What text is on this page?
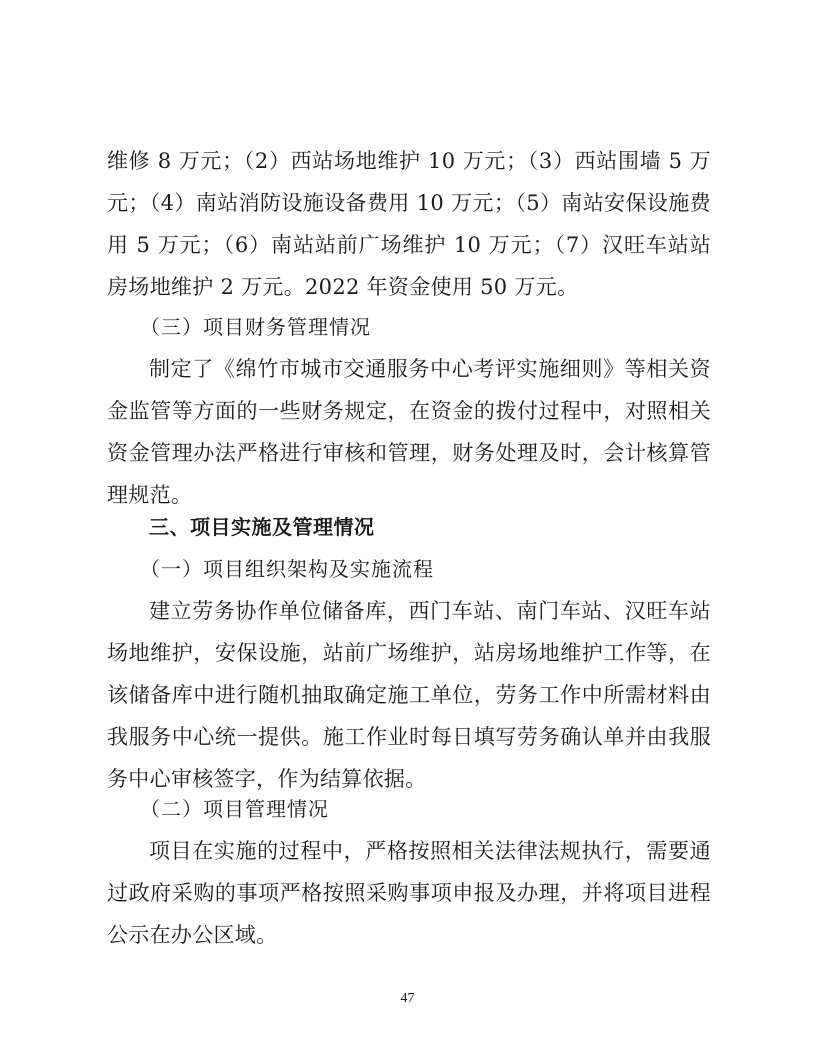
维修 8 万元；（2）西站场地维护 10 万元；（3）西站围墙 5 万元；（4）南站消防设施设备费用 10 万元；（5）南站安保设施费用 5 万元；（6）南站站前广场维护 10 万元；（7）汉旺车站站房场地维护 2 万元。2022 年资金使用 50 万元。

（三）项目财务管理情况

制定了《绵竹市城市交通服务中心考评实施细则》等相关资金监管等方面的一些财务规定，在资金的拨付过程中，对照相关资金管理办法严格进行审核和管理，财务处理及时，会计核算管理规范。

三、项目实施及管理情况

（一）项目组织架构及实施流程

建立劳务协作单位储备库，西门车站、南门车站、汉旺车站场地维护，安保设施，站前广场维护，站房场地维护工作等，在该储备库中进行随机抽取确定施工单位，劳务工作中所需材料由我服务中心统一提供。施工作业时每日填写劳务确认单并由我服务中心审核签字，作为结算依据。

（二）项目管理情况

项目在实施的过程中，严格按照相关法律法规执行，需要通过政府采购的事项严格按照采购事项申报及办理，并将项目进程公示在办公区域。

47
